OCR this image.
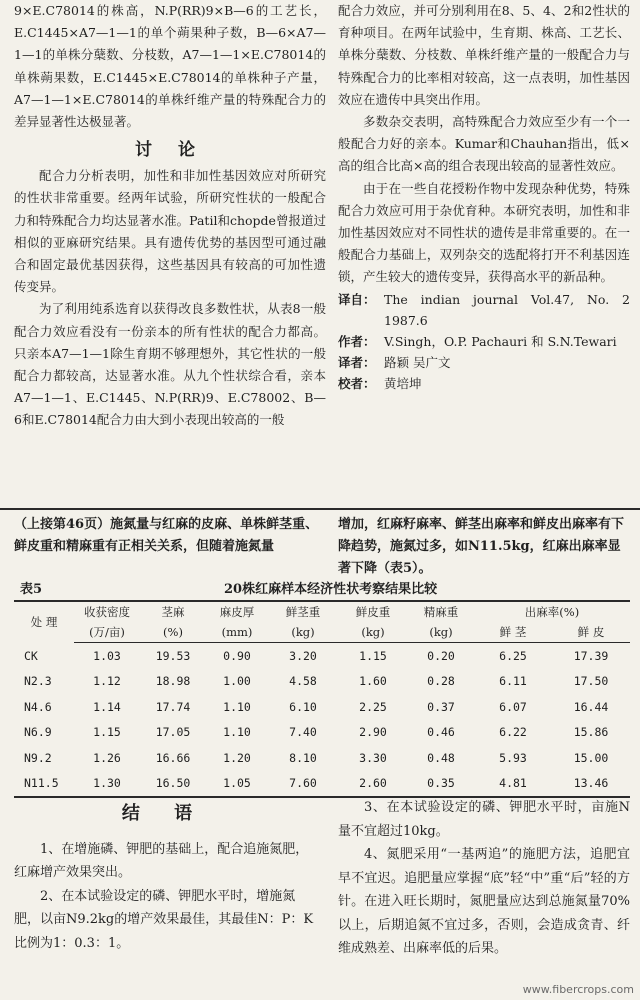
9×E.C78014的株高，N.P(RR)9×B—6的工艺长，E.C1445×A7—1—1的单个蒴果种子数，B—6×A7—1—1的单株分蘖数、分枝数，A7—1—1×E.C78014的单株蒴果数，E.C1445×E.C78014的单株种子产量，A7—1—1×E.C78014的单株纤维产量的特殊配合力的差异显著性达极显著。

讨 论

配合力分析表明，加性和非加性基因效应对所研究的性状非常重要。经两年试验，所研究性状的一般配合力和特殊配合力均达显著水准。Patil和chopde曾报道过相似的亚麻研究结果。具有遗传优势的基因型可通过融合和固定最优基因获得，这些基因具有较高的可加性遗传变异。

为了利用纯系选育以获得改良多数性状，从表8一般配合力效应看没有一份亲本的所有性状的配合力都高。只亲本A7—1—1除生育期不够理想外，其它性状的一般配合力都较高，达显著水准。从九个性状综合看，亲本A7—1—1、E.C1445、N.P(RR)9、E.C78002、B—6和E.C78014配合力由大到小表现出较高的一般

配合力效应，并可分别利用在8、5、4、2和2性状的育种项目。在两年试验中，生育期、株高、工艺长、单株分蘖数、分枝数、单株纤维产量的一般配合力与特殊配合力的比率相对较高，这一点表明，加性基因效应在遗传中具突出作用。

多数杂交表明，高特殊配合力效应至少有一个一般配合力好的亲本。Kumar和Chauhan指出，低×高的组合比高×高的组合表现出较高的显著性效应。

由于在一些自花授粉作物中发现杂种优势，特殊配合力效应可用于杂优育种。本研究表明，加性和非加性基因效应对不同性状的遗传是非常重要的。在一般配合力基础上，双列杂交的选配将打开不利基因连锁，产生较大的遗传变异，获得高水平的新品种。

译自： The indian journal Vol.47, No. 2 1987.6
作者： V.Singh，O.P. Pachauri 和 S.N.Tewari
译者： 路颖 吴广文
校者： 黄培坤
（上接第46页）施氮量与红麻的皮麻、单株鲜茎重、鲜皮重和精麻重有正相关关系，但随着施氮量
增加，红麻籽麻率、鲜茎出麻率和鲜皮出麻率有下降趋势，施氮过多，如N11.5kg，红麻出麻率显著下降（表5）。
表5	20株红麻样本经济性状考察结果比较
处 理	收获密度	茎麻	麻皮厚	鲜茎重	鲜皮重	精麻重	出麻率(%)	
	(万/亩)	(%)	(mm)	(kg)	(kg)	(kg)	鲜 茎	鲜 皮
CK	1.03	19.53	0.90	3.20	1.15	0.20	6.25	17.39
N2.3	1.12	18.98	1.00	4.58	1.60	0.28	6.11	17.50
N4.6	1.14	17.74	1.10	6.10	2.25	0.37	6.07	16.44
N6.9	1.15	17.05	1.10	7.40	2.90	0.46	6.22	15.86
N9.2	1.26	16.66	1.20	8.10	3.30	0.48	5.93	15.00
N11.5	1.30	16.50	1.05	7.60	2.60	0.35	4.81	13.46
结 语

1、在增施磷、钾肥的基础上，配合追施氮肥，红麻增产效果突出。

2、在本试验设定的磷、钾肥水平时，增施氮肥，以亩N9.2kg的增产效果最佳，其最佳N：P：K比例为1：0.3：1。

3、在本试验设定的磷、钾肥水平时，亩施N量不宜超过10kg。

4、氮肥采用“一基两追”的施肥方法，追肥宜早不宜迟。追肥量应掌握“底”轻“中”重“后”轻的方针。在进入旺长期时，氮肥量应达到总施氮量70%以上，后期追氮不宜过多，否则，会造成贪青、纤维成熟差、出麻率低的后果。

www.fibercrops.com
